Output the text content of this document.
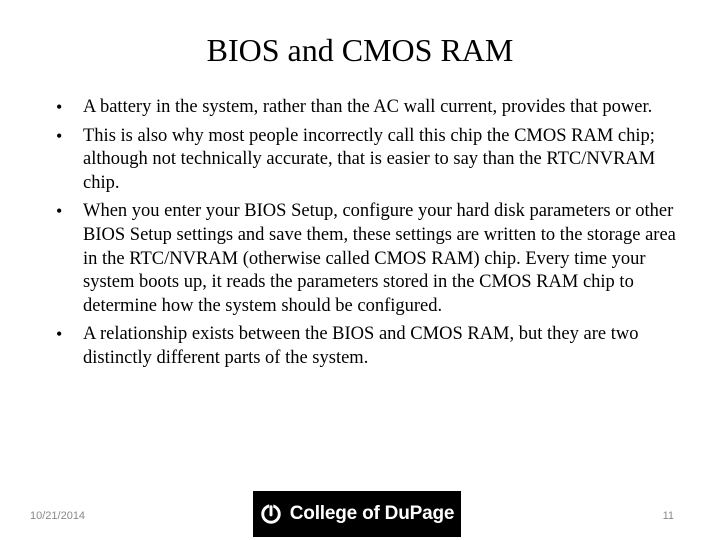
BIOS and CMOS RAM
• A battery in the system, rather than the AC wall current, provides that power.
• This is also why most people incorrectly call this chip the CMOS RAM chip; although not technically accurate, that is easier to say than the RTC/NVRAM chip.
• When you enter your BIOS Setup, configure your hard disk parameters or other BIOS Setup settings and save them, these settings are written to the storage area in the RTC/NVRAM (otherwise called CMOS RAM) chip. Every time your system boots up, it reads the parameters stored in the CMOS RAM chip to determine how the system should be configured.
• A relationship exists between the BIOS and CMOS RAM, but they are two distinctly different parts of the system.
10/21/2014	College of DuPage	11
